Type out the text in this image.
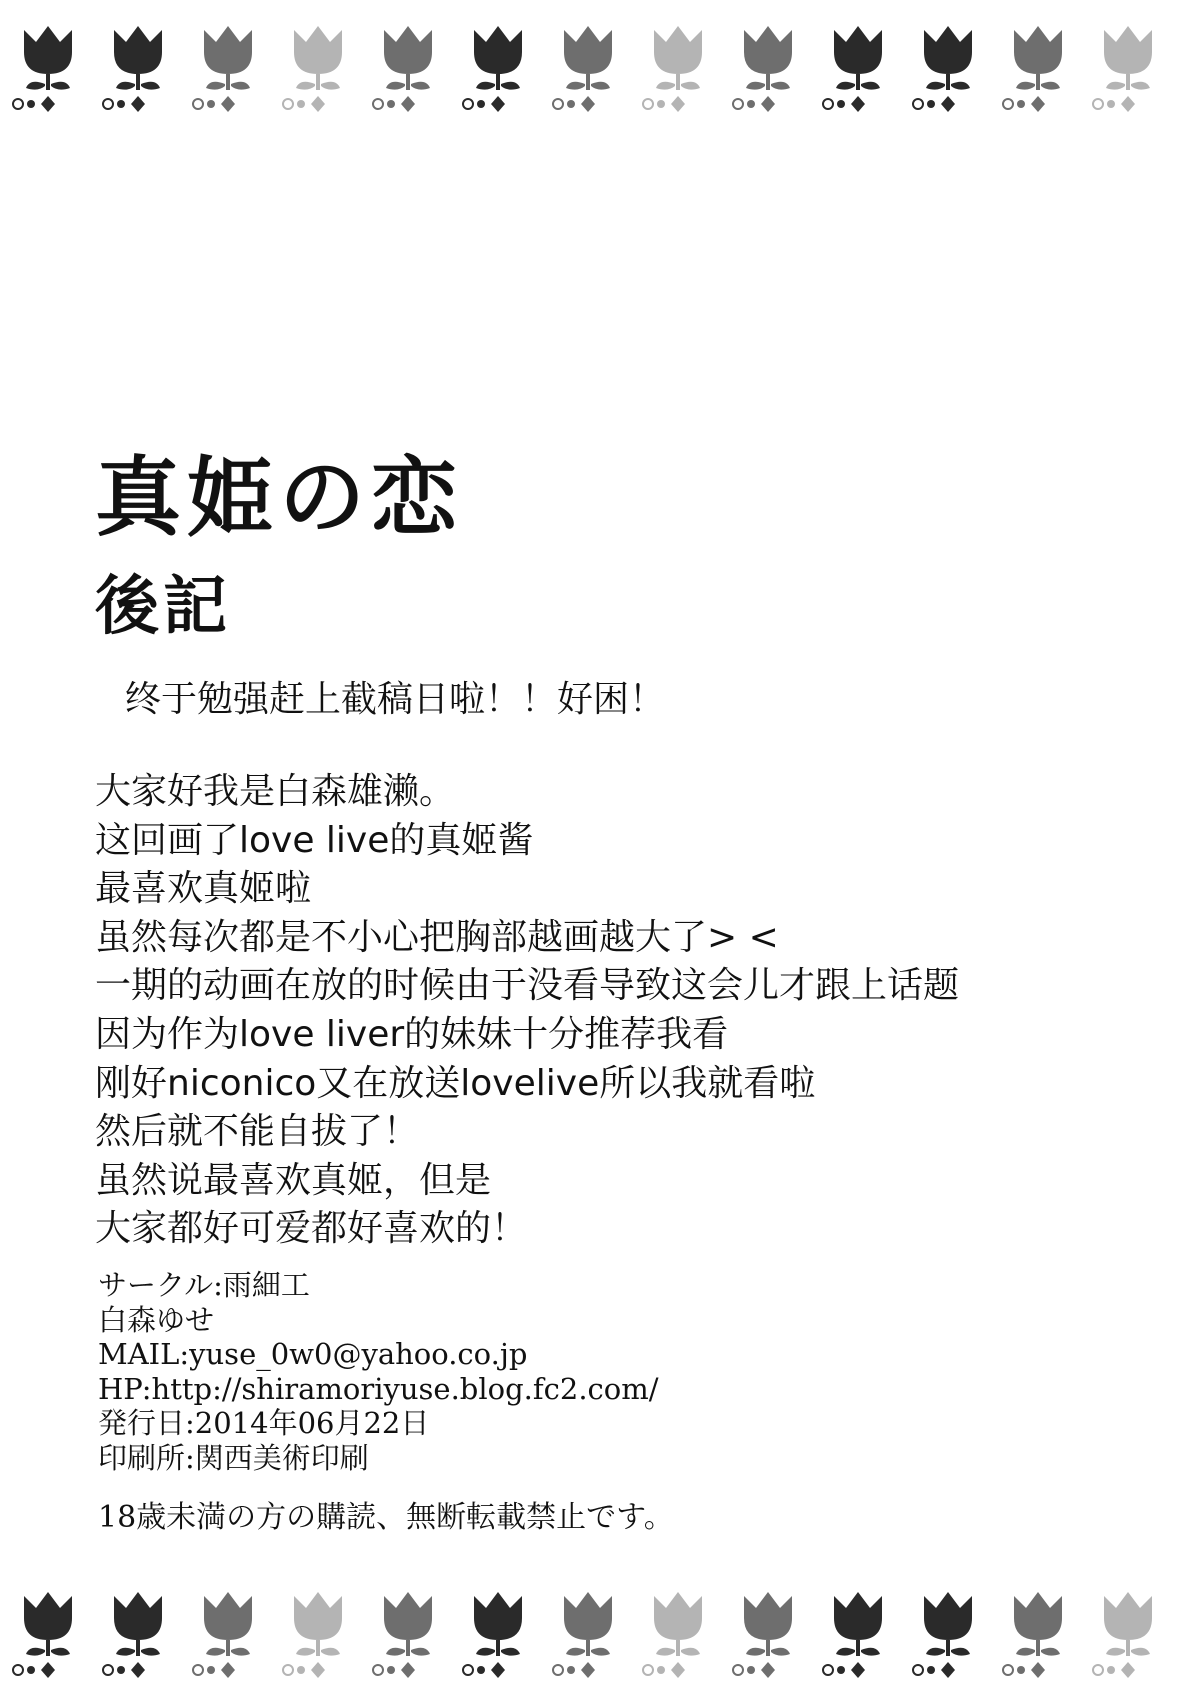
真姫の恋
後記
终于勉强赶上截稿日啦！！好困！
大家好我是白森雄濑。
这回画了love live的真姬酱
最喜欢真姬啦
虽然每次都是不小心把胸部越画越大了> <
一期的动画在放的时候由于没看导致这会儿才跟上话题
因为作为love liver的妹妹十分推荐我看
刚好niconico又在放送lovelive所以我就看啦
然后就不能自拔了！
虽然说最喜欢真姬，但是
大家都好可爱都好喜欢的！
サークル:雨細工
白森ゆせ
MAIL:yuse_0w0@yahoo.co.jp
HP:http://shiramoriyuse.blog.fc2.com/
発行日:2014年06月22日
印刷所:関西美術印刷
18歳未満の方の購読、無断転載禁止です。
